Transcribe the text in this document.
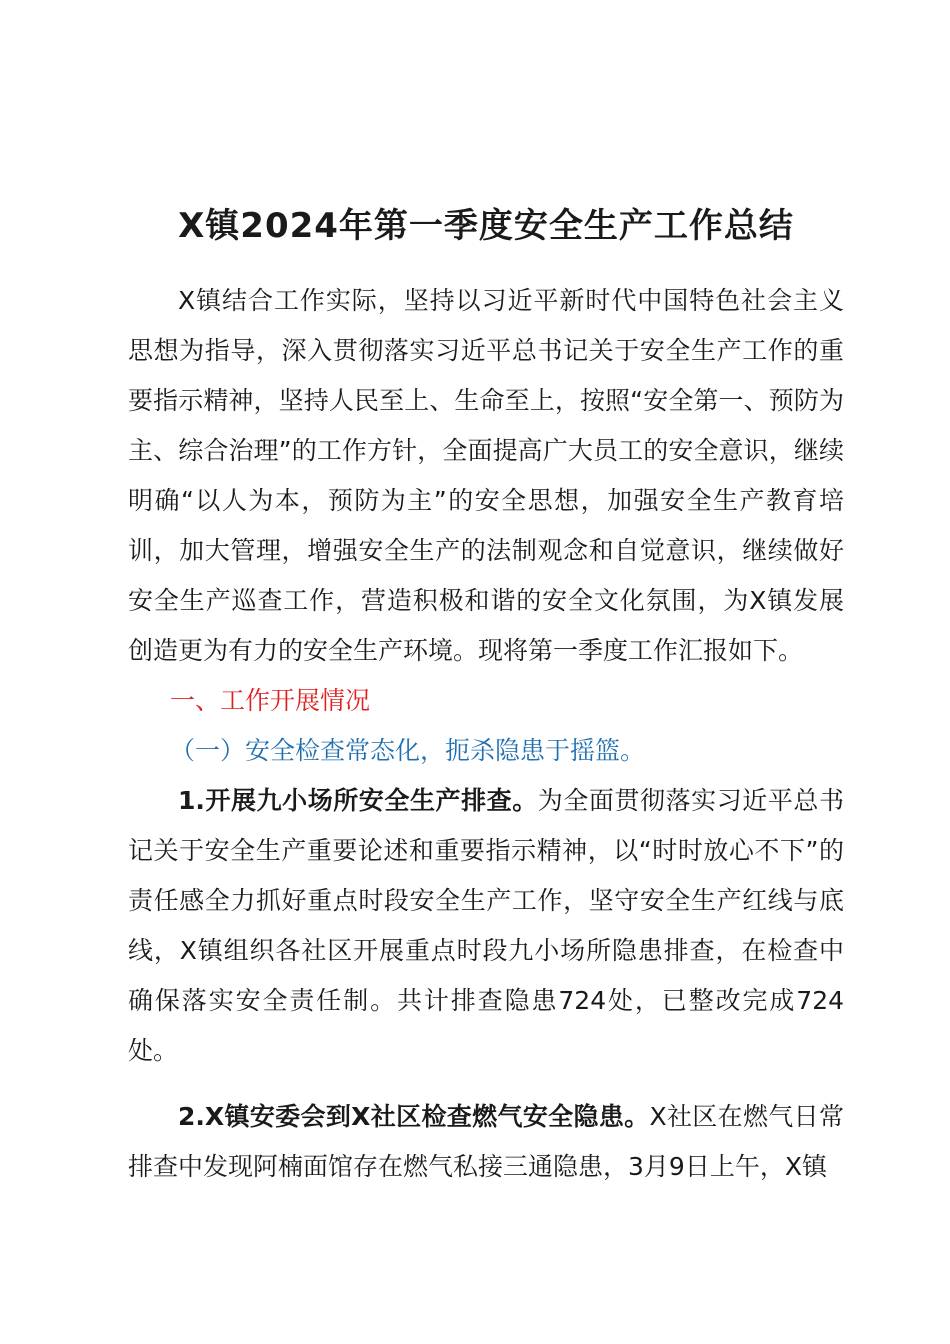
X镇2024年第一季度安全生产工作总结

X镇结合工作实际，坚持以习近平新时代中国特色社会主义思想为指导，深入贯彻落实习近平总书记关于安全生产工作的重要指示精神，坚持人民至上、生命至上，按照“安全第一、预防为主、综合治理”的工作方针，全面提高广大员工的安全意识，继续明确“以人为本，预防为主”的安全思想，加强安全生产教育培训，加大管理，增强安全生产的法制观念和自觉意识，继续做好安全生产巡查工作，营造积极和谐的安全文化氛围，为X镇发展创造更为有力的安全生产环境。现将第一季度工作汇报如下。

一、工作开展情况

（一）安全检查常态化，扼杀隐患于摇篮。

1.开展九小场所安全生产排查。为全面贯彻落实习近平总书记关于安全生产重要论述和重要指示精神，以“时时放心不下”的责任感全力抓好重点时段安全生产工作，坚守安全生产红线与底线，X镇组织各社区开展重点时段九小场所隐患排查，在检查中确保落实安全责任制。共计排查隐患724处，已整改完成724处。

2.X镇安委会到X社区检查燃气安全隐患。X社区在燃气日常排查中发现阿楠面馆存在燃气私接三通隐患，3月9日上午，X镇
